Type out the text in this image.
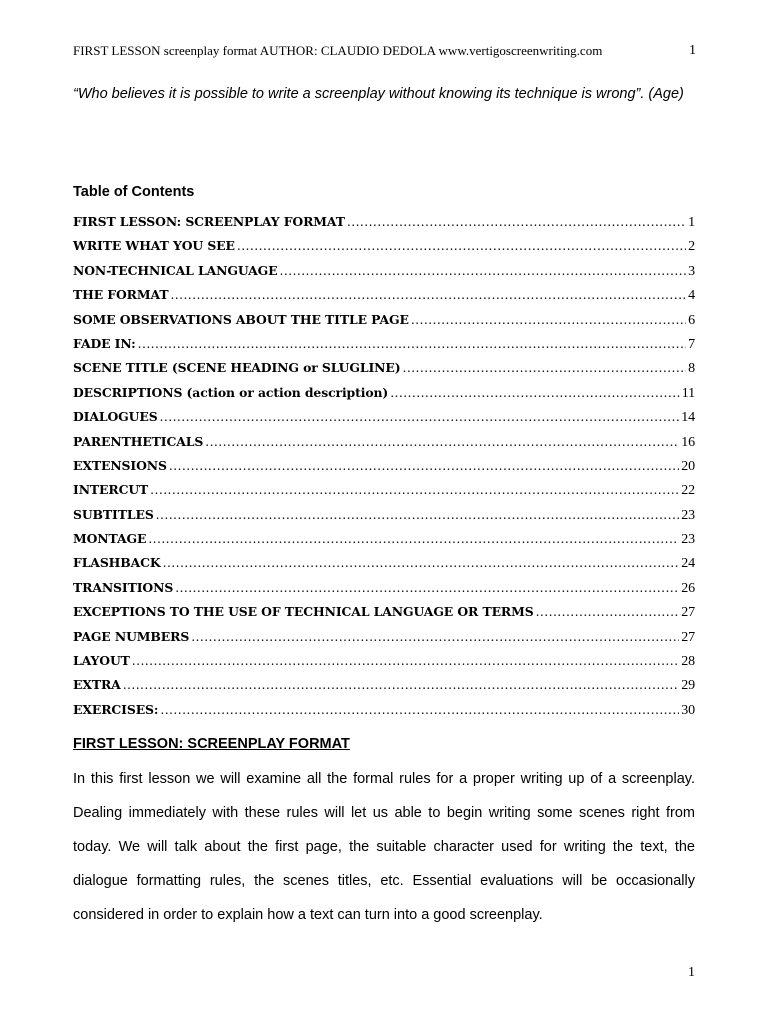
FIRST LESSON screenplay format AUTHOR: CLAUDIO DEDOLA www.vertigoscreenwriting.com	1
“Who believes it is possible to write a screenplay without knowing its technique is wrong”. (Age)
Table of Contents
FIRST LESSON: SCREENPLAY FORMAT .....	1
WRITE WHAT YOU SEE .....	2
NON-TECHNICAL LANGUAGE .....	3
THE FORMAT .....	4
SOME OBSERVATIONS ABOUT THE TITLE PAGE .....	6
FADE IN: .....	7
SCENE TITLE (SCENE HEADING or SLUGLINE) .....	8
DESCRIPTIONS (action or action description) .....	11
DIALOGUES .....	14
PARENTHETICALS .....	16
EXTENSIONS .....	20
INTERCUT .....	22
SUBTITLES .....	23
MONTAGE .....	23
FLASHBACK .....	24
TRANSITIONS .....	26
EXCEPTIONS TO THE USE OF TECHNICAL LANGUAGE OR TERMS .....	27
PAGE NUMBERS .....	27
LAYOUT .....	28
EXTRA .....	29
EXERCISES: .....	30
FIRST LESSON: SCREENPLAY FORMAT

In this first lesson we will examine all the formal rules for a proper writing up of a screenplay. Dealing immediately with these rules will let us able to begin writing some scenes right from today. We will talk about the first page, the suitable character used for writing the text, the dialogue formatting rules, the scenes titles, etc. Essential evaluations will be occasionally considered in order to explain how a text can turn into a good screenplay.

1
